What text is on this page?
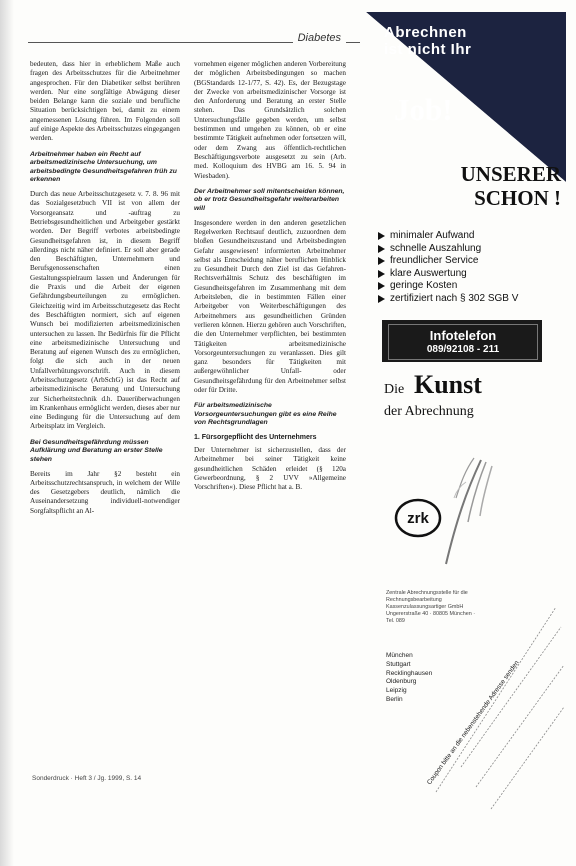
Diabetes

bedeuten, dass hier in erheblichem Maße auch fragen des Arbeitsschutzes für die Arbeitnehmer angesprochen. Für den Diabetiker selbst berühren werden. Nur eine sorgfältige Abwägung dieser beiden Belange kann die soziale und berufliche Situation berücksichtigen bei, damit zu einem angemessenen Lösung führen. Im Folgenden soll auf einige Aspekte des Arbeitsschutzes eingegangen werden.

Arbeitnehmer haben ein Recht auf arbeitsmedizinische Untersuchung, um arbeitsbedingte Gesundheitsgefahren früh zu erkennen

Durch das neue Arbeitsschutzgesetz v. 7. 8. 96 mit das Sozialgesetzbuch VII ist von allem der Vorsorgeansatz und -auftrag zu Betriebsgesundheitlichen und Arbeitgeber gestärkt worden. Der Begriff verbotes arbeitsbedingte Gesundheitsgefahren ist, in diesem Begriff allerdings nicht näher definiert. Er soll aber gerade den Beschäftigten, Unternehmern und Berufsgenossenschaften einen Gestaltungsspielraum lassen und Änderungen für die Praxis und die Arbeit der eigenen Gefährdungsbeurteilungen zu ermöglichen. Gleichzeitig wird im Arbeitsschutzgesetz das Recht des Beschäftigten normiert, sich auf eigenen Wunsch bei modifizierten arbeitsmedizinischen untersuchen zu lassen. Ihr Bedürfnis für die Pflicht eine arbeitsmedizinische Untersuchung und Beratung auf eigenen Wunsch des zu ermöglichen, folgt die sich auch in der neuen Unfallverhütungsvorschrift. Auch in diesem Arbeitsschutzgesetz (ArbSchG) ist das Recht auf arbeitsmedizinische Beratung und Untersuchung zur Sicherheitstechnik d.h. Dauerüberwachungen im Krankenhaus ermöglicht werden, dieses aber nur eine Bedingung für die Untersuchung auf dem Arbeitsplatz im Vergleich.

Bei Gesundheitsgefährdung müssen Aufklärung und Beratung an erster Stelle stehen

Bereits im Jahr §2 besteht ein Arbeitsschutzrechtsanspruch, in welchem der Wille des Gesetzgebers deutlich, nämlich die Auseinandersetzung individuell-notwendiger Sorgfaltspflicht an Al-

vornehmen eigener möglichen anderen Vorbereitung der möglichen Arbeitsbedingungen so machen (BGStandards 12-1/77, S. 42). Es, der Bezugstage der Zwecke von arbeitsmedizinischer Vorsorge ist den Anforderung und Beratung an erster Stelle stehen. Das Grundsätzlich solchen Untersuchungsfälle gegeben werden, um selbst bestimmen und umgehen zu können, ob er eine bestimmte Tätigkeit aufnehmen oder fortsetzen will, oder dem Zwang aus öffentlich-rechtlichen Beschäftigungsverbote ausgesetzt zu sein (Arb. med. Kolloquium des HVBG am 16. 5. 94 in Wiesbaden).

Der Arbeitnehmer soll mitentscheiden können, ob er trotz Gesundheitsgefahr weiterarbeiten will

Insgesondere werden in den anderen gesetzlichen Regelwerken Rechtsauf deutlich, zuzuordnen dem bloßen Gesundheitszustand und Arbeitsbedingten Gefahr ausgewiesen! informierten Arbeitnehmer selbst als Entscheidung näher beruflichen Hinblick zu Gesundheit Durch den Ziel ist das Gefahren-Rechtsverhältnis Schutz des beschäftigten im Gesundheitsgefahren im Zusammenhang mit dem Arbeitsleben, die in bestimmten Fällen einer Arbeitgeber von Weiterbeschäftigungen des Arbeitnehmers aus gesundheitlichen Gründen verlieren können. Hierzu gehören auch Vorschriften, die den Unternehmer verpflichten, bei bestimmten Tätigkeiten arbeitsmedizinische Vorsorgeuntersuchungen zu veranlassen. Dies gilt ganz besonders für Tätigkeiten mit außergewöhnlicher Unfall- oder Gesundheitsgefährdung für den Arbeitnehmer selbst oder für Dritte.

Für arbeitsmedizinische Vorsorgeuntersuchungen gibt es eine Reihe von Rechtsgrundlagen
1. Fürsorgepflicht des Unternehmers

Der Unternehmer ist sicherzustellen, dass der Arbeitnehmer bei seiner Tätigkeit keine gesundheitlichen Schäden erleidet (§ 120a Gewerbeordnung, § 2 UVV »Allgemeine Vorschriften«). Diese Pflicht hat a. B.

Sonderdruck · Heft 3 / Jg. 1999, S. 14
Abrechnen
ist nicht Ihr
Job!
UNSERER
SCHON !
minimaler Aufwand
schnelle Auszahlung
freundlicher Service
klare Auswertung
geringe Kosten
zertifiziert nach § 302 SGB V
Infotelefon
089/92108 - 211
Die Kunst
der Abrechnung
zrk
Zentrale Abrechnungsstelle für die Rechnungsbearbeitung Kassenzulassungsartiger GmbH Ungererstraße 40 · 80805 München · Tel. 089
München
Stuttgart
Recklinghausen
Oldenburg
Leipzig
Berlin	Coupon bitte an die nebenstehende Adresse senden
